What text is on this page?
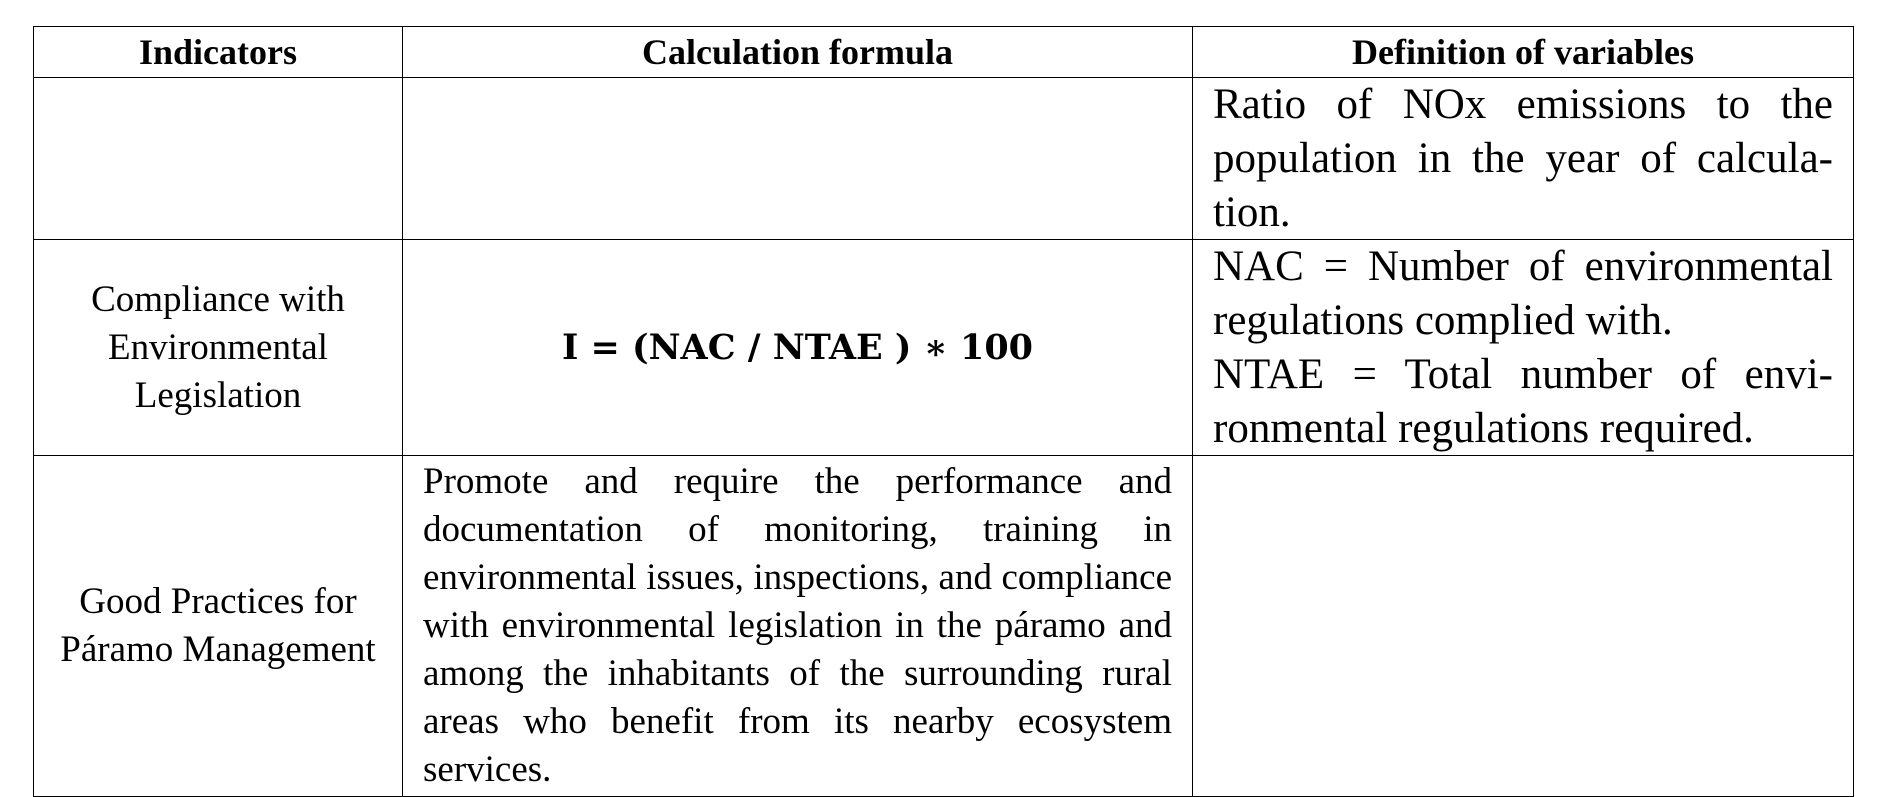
Indicators	Calculation formula	Definition of variables

		Ratio of NOx emissions to the population in the year of calculation.

Compliance with Environmental Legislation	I = (NAC / NTAE ) ∗ 100	NAC = Number of environmental regulations complied with.

NTAE = Total number of environmental regulations required.

Good Practices for Páramo Management	Promote and require the performance and documentation of monitoring, training in environmental issues, inspections, and compliance with environmental legislation in the páramo and among the inhabitants of the surrounding rural areas who benefit from its nearby ecosystem services.	
